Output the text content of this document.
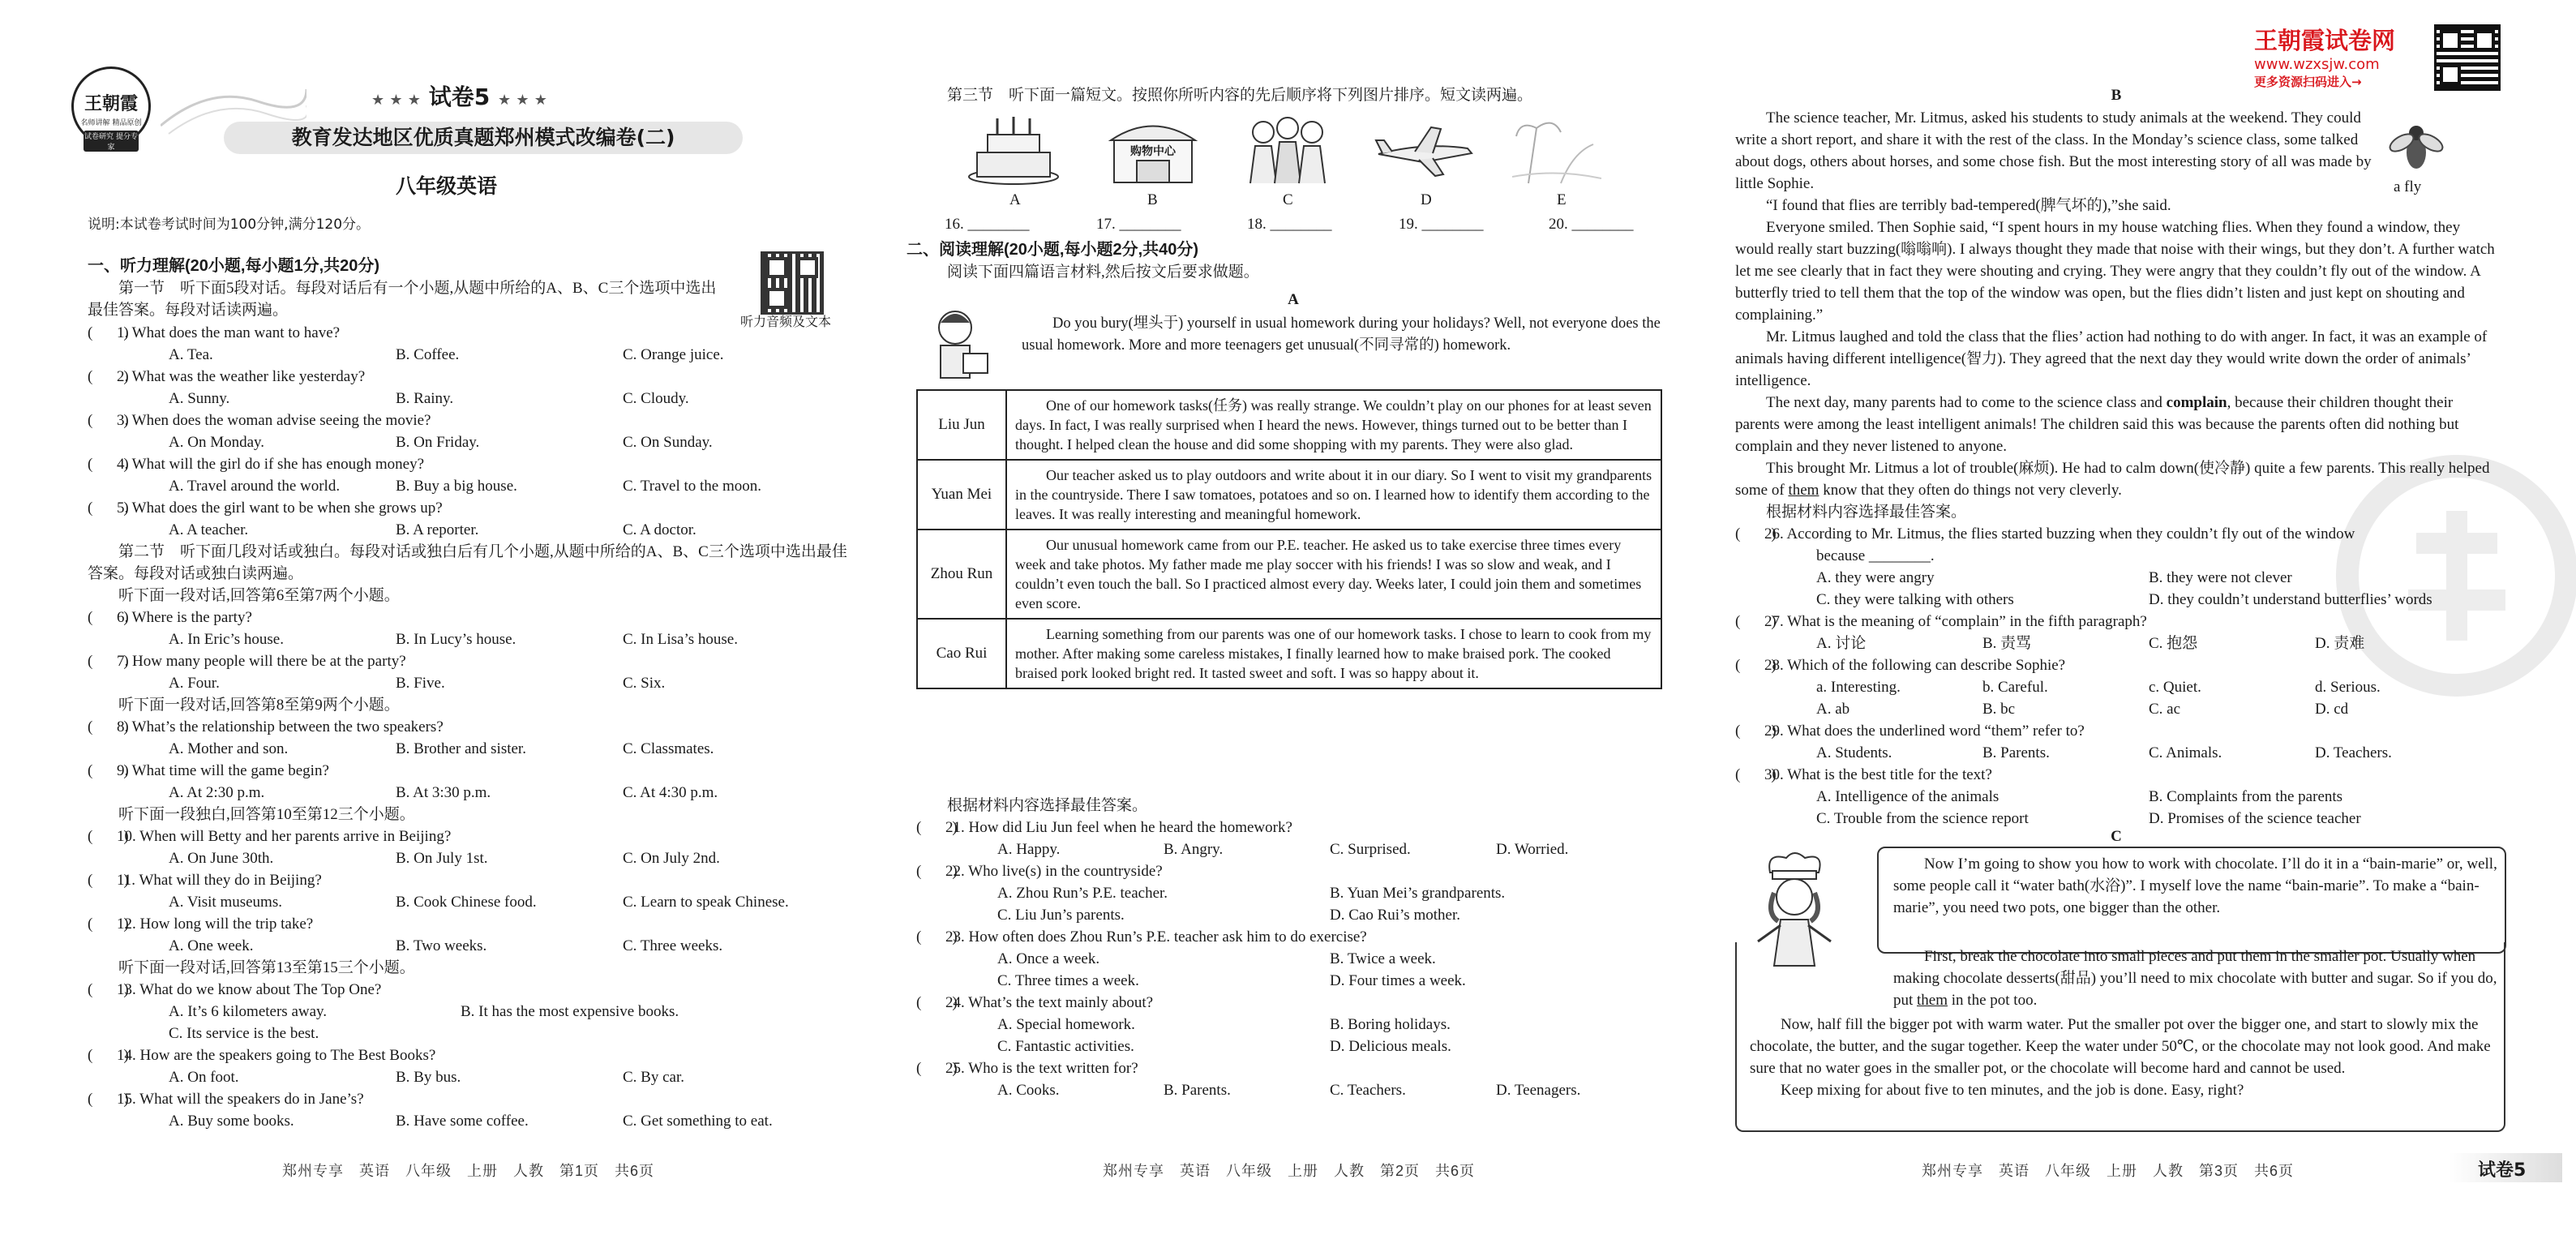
王朝霞
名师讲解 精品原创
试卷研究 提分专家
★ ★ ★ 试卷5 ★ ★ ★
教育发达地区优质真题郑州模式改编卷(二)
八年级英语
说明:本试卷考试时间为100分钟,满分120分。
听力音频及文本
一、听力理解(20小题,每小题1分,共20分)
第一节　听下面5段对话。每段对话后有一个小题,从题中所给的A、B、C三个选项中选出最佳答案。每段对话读两遍。
(　　)
1. What does the man want to have?
A. Tea.	B. Coffee.	C. Orange juice.
(　　)
2. What was the weather like yesterday?
A. Sunny.	B. Rainy.	C. Cloudy.
(　　)
3. When does the woman advise seeing the movie?
A. On Monday.	B. On Friday.	C. On Sunday.
(　　)
4. What will the girl do if she has enough money?
A. Travel around the world.	B. Buy a big house.	C. Travel to the moon.
(　　)
5. What does the girl want to be when she grows up?
A. A teacher.	B. A reporter.	C. A doctor.
第二节　听下面几段对话或独白。每段对话或独白后有几个小题,从题中所给的A、B、C三个选项中选出最佳答案。每段对话或独白读两遍。
听下面一段对话,回答第6至第7两个小题。
(　　)
6. Where is the party?
A. In Eric’s house.	B. In Lucy’s house.	C. In Lisa’s house.
(　　)
7. How many people will there be at the party?
A. Four.	B. Five.	C. Six.
听下面一段对话,回答第8至第9两个小题。
(　　)
8. What’s the relationship between the two speakers?
A. Mother and son.	B. Brother and sister.	C. Classmates.
(　　)
9. What time will the game begin?
A. At 2:30 p.m.	B. At 3:30 p.m.	C. At 4:30 p.m.
听下面一段独白,回答第10至第12三个小题。
(　　)
10. When will Betty and her parents arrive in Beijing?
A. On June 30th.	B. On July 1st.	C. On July 2nd.
(　　)
11. What will they do in Beijing?
A. Visit museums.	B. Cook Chinese food.	C. Learn to speak Chinese.
(　　)
12. How long will the trip take?
A. One week.	B. Two weeks.	C. Three weeks.
听下面一段对话,回答第13至第15三个小题。
(　　)
13. What do we know about The Top One?
A. It’s 6 kilometers away.	B. It has the most expensive books.
C. Its service is the best.
(　　)
14. How are the speakers going to The Best Books?
A. On foot.	B. By bus.	C. By car.
(　　)
15. What will the speakers do in Jane’s?
A. Buy some books.	B. Have some coffee.	C. Get something to eat.
郑州专享　英语　八年级　上册　人教　第1页　共6页
第三节　听下面一篇短文。按照你所听内容的先后顺序将下列图片排序。短文读两遍。
购物中心
A	B	C	D	E
16. ________	17. ________	18. ________	19. ________	20. ________
二、阅读理解(20小题,每小题2分,共40分)
阅读下面四篇语言材料,然后按文后要求做题。
A
Do you bury(埋头于) yourself in usual homework during your holidays? Well, not everyone does the usual homework. More and more teenagers get unusual(不同寻常的) homework.
Liu Jun	One of our homework tasks(任务) was really strange. We couldn’t play on our phones for at least seven days. In fact, I was really surprised when I heard the news. However, things turned out to be better than I thought. I helped clean the house and did some shopping with my parents. They were also glad.
Yuan Mei	Our teacher asked us to play outdoors and write about it in our diary. So I went to visit my grandparents in the countryside. There I saw tomatoes, potatoes and so on. I learned how to identify them according to the leaves. It was really interesting and meaningful homework.
Zhou Run	Our unusual homework came from our P.E. teacher. He asked us to take exercise three times every week and take photos. My father made me play soccer with his friends! I was so slow and weak, and I couldn’t even touch the ball. So I practiced almost every day. Weeks later, I could join them and sometimes even score.
Cao Rui	Learning something from our parents was one of our homework tasks. I chose to learn to cook from my mother. After making some careless mistakes, I finally learned how to make braised pork. The cooked braised pork looked bright red. It tasted sweet and soft. I was so happy about it.
根据材料内容选择最佳答案。
(　　)
21. How did Liu Jun feel when he heard the homework?
A. Happy.	B. Angry.	C. Surprised.	D. Worried.
(　　)
22. Who live(s) in the countryside?
A. Zhou Run’s P.E. teacher.	B. Yuan Mei’s grandparents.
C. Liu Jun’s parents.	D. Cao Rui’s mother.
(　　)
23. How often does Zhou Run’s P.E. teacher ask him to do exercise?
A. Once a week.	B. Twice a week.
C. Three times a week.	D. Four times a week.
(　　)
24. What’s the text mainly about?
A. Special homework.	B. Boring holidays.
C. Fantastic activities.	D. Delicious meals.
(　　)
25. Who is the text written for?
A. Cooks.	B. Parents.	C. Teachers.	D. Teenagers.
郑州专享　英语　八年级　上册　人教　第2页　共6页
王朝霞试卷网
www.wzxsjw.com
更多资源扫码进入→
B
a fly
The science teacher, Mr. Litmus, asked his students to study animals at the weekend. They could write a short report, and share it with the rest of the class. In the Monday’s science class, some talked about dogs, others about horses, and some chose fish. But the most interesting story of all was made by little Sophie.
“I found that flies are terribly bad-tempered(脾气坏的),”she said.
Everyone smiled. Then Sophie said, “I spent hours in my house watching flies. When they found a window, they would really start buzzing(嗡嗡响). I always thought they made that noise with their wings, but they don’t. A further watch let me see clearly that in fact they were shouting and crying. They were angry that they couldn’t fly out of the window. A butterfly tried to tell them that the top of the window was open, but the flies didn’t listen and just kept on shouting and complaining.”
Mr. Litmus laughed and told the class that the flies’ action had nothing to do with anger. In fact, it was an example of animals having different intelligence(智力). They agreed that the next day they would write down the order of animals’ intelligence.
The next day, many parents had to come to the science class and complain, because their children thought their parents were among the least intelligent animals! The children said this was because the parents often did nothing but complain and they never listened to anyone.
This brought Mr. Litmus a lot of trouble(麻烦). He had to calm down(使冷静) quite a few parents. This really helped some of them know that they often do things not very cleverly.
根据材料内容选择最佳答案。
(　　)
26. According to Mr. Litmus, the flies started buzzing when they couldn’t fly out of the window
because ________.
A. they were angry	B. they were not clever
C. they were talking with others	D. they couldn’t understand butterflies’ words
(　　)
27. What is the meaning of “complain” in the fifth paragraph?
A. 讨论	B. 责骂	C. 抱怨	D. 责难
(　　)
28. Which of the following can describe Sophie?
a. Interesting.	b. Careful.	c. Quiet.	d. Serious.
A. ab	B. bc	C. ac	D. cd
(　　)
29. What does the underlined word “them” refer to?
A. Students.	B. Parents.	C. Animals.	D. Teachers.
(　　)
30. What is the best title for the text?
A. Intelligence of the animals	B. Complaints from the parents
C. Trouble from the science report	D. Promises of the science teacher
C
Now I’m going to show you how to work with chocolate. I’ll do it in a “bain-marie” or, well, some people call it “water bath(水浴)”. I myself love the name “bain-marie”. To make a “bain-marie”, you need two pots, one bigger than the other.
First, break the chocolate into small pieces and put them in the smaller pot. Usually when making chocolate desserts(甜品) you’ll need to mix chocolate with butter and sugar. So if you do, put them in the pot too.
Now, half fill the bigger pot with warm water. Put the smaller pot over the bigger one, and start to slowly mix the chocolate, the butter, and the sugar together. Keep the water under 50℃, or the chocolate may not look good. And make sure that no water goes in the smaller pot, or the chocolate will become hard and cannot be used.
Keep mixing for about five to ten minutes, and the job is done. Easy, right?
郑州专享　英语　八年级　上册　人教　第3页　共6页	试卷5
